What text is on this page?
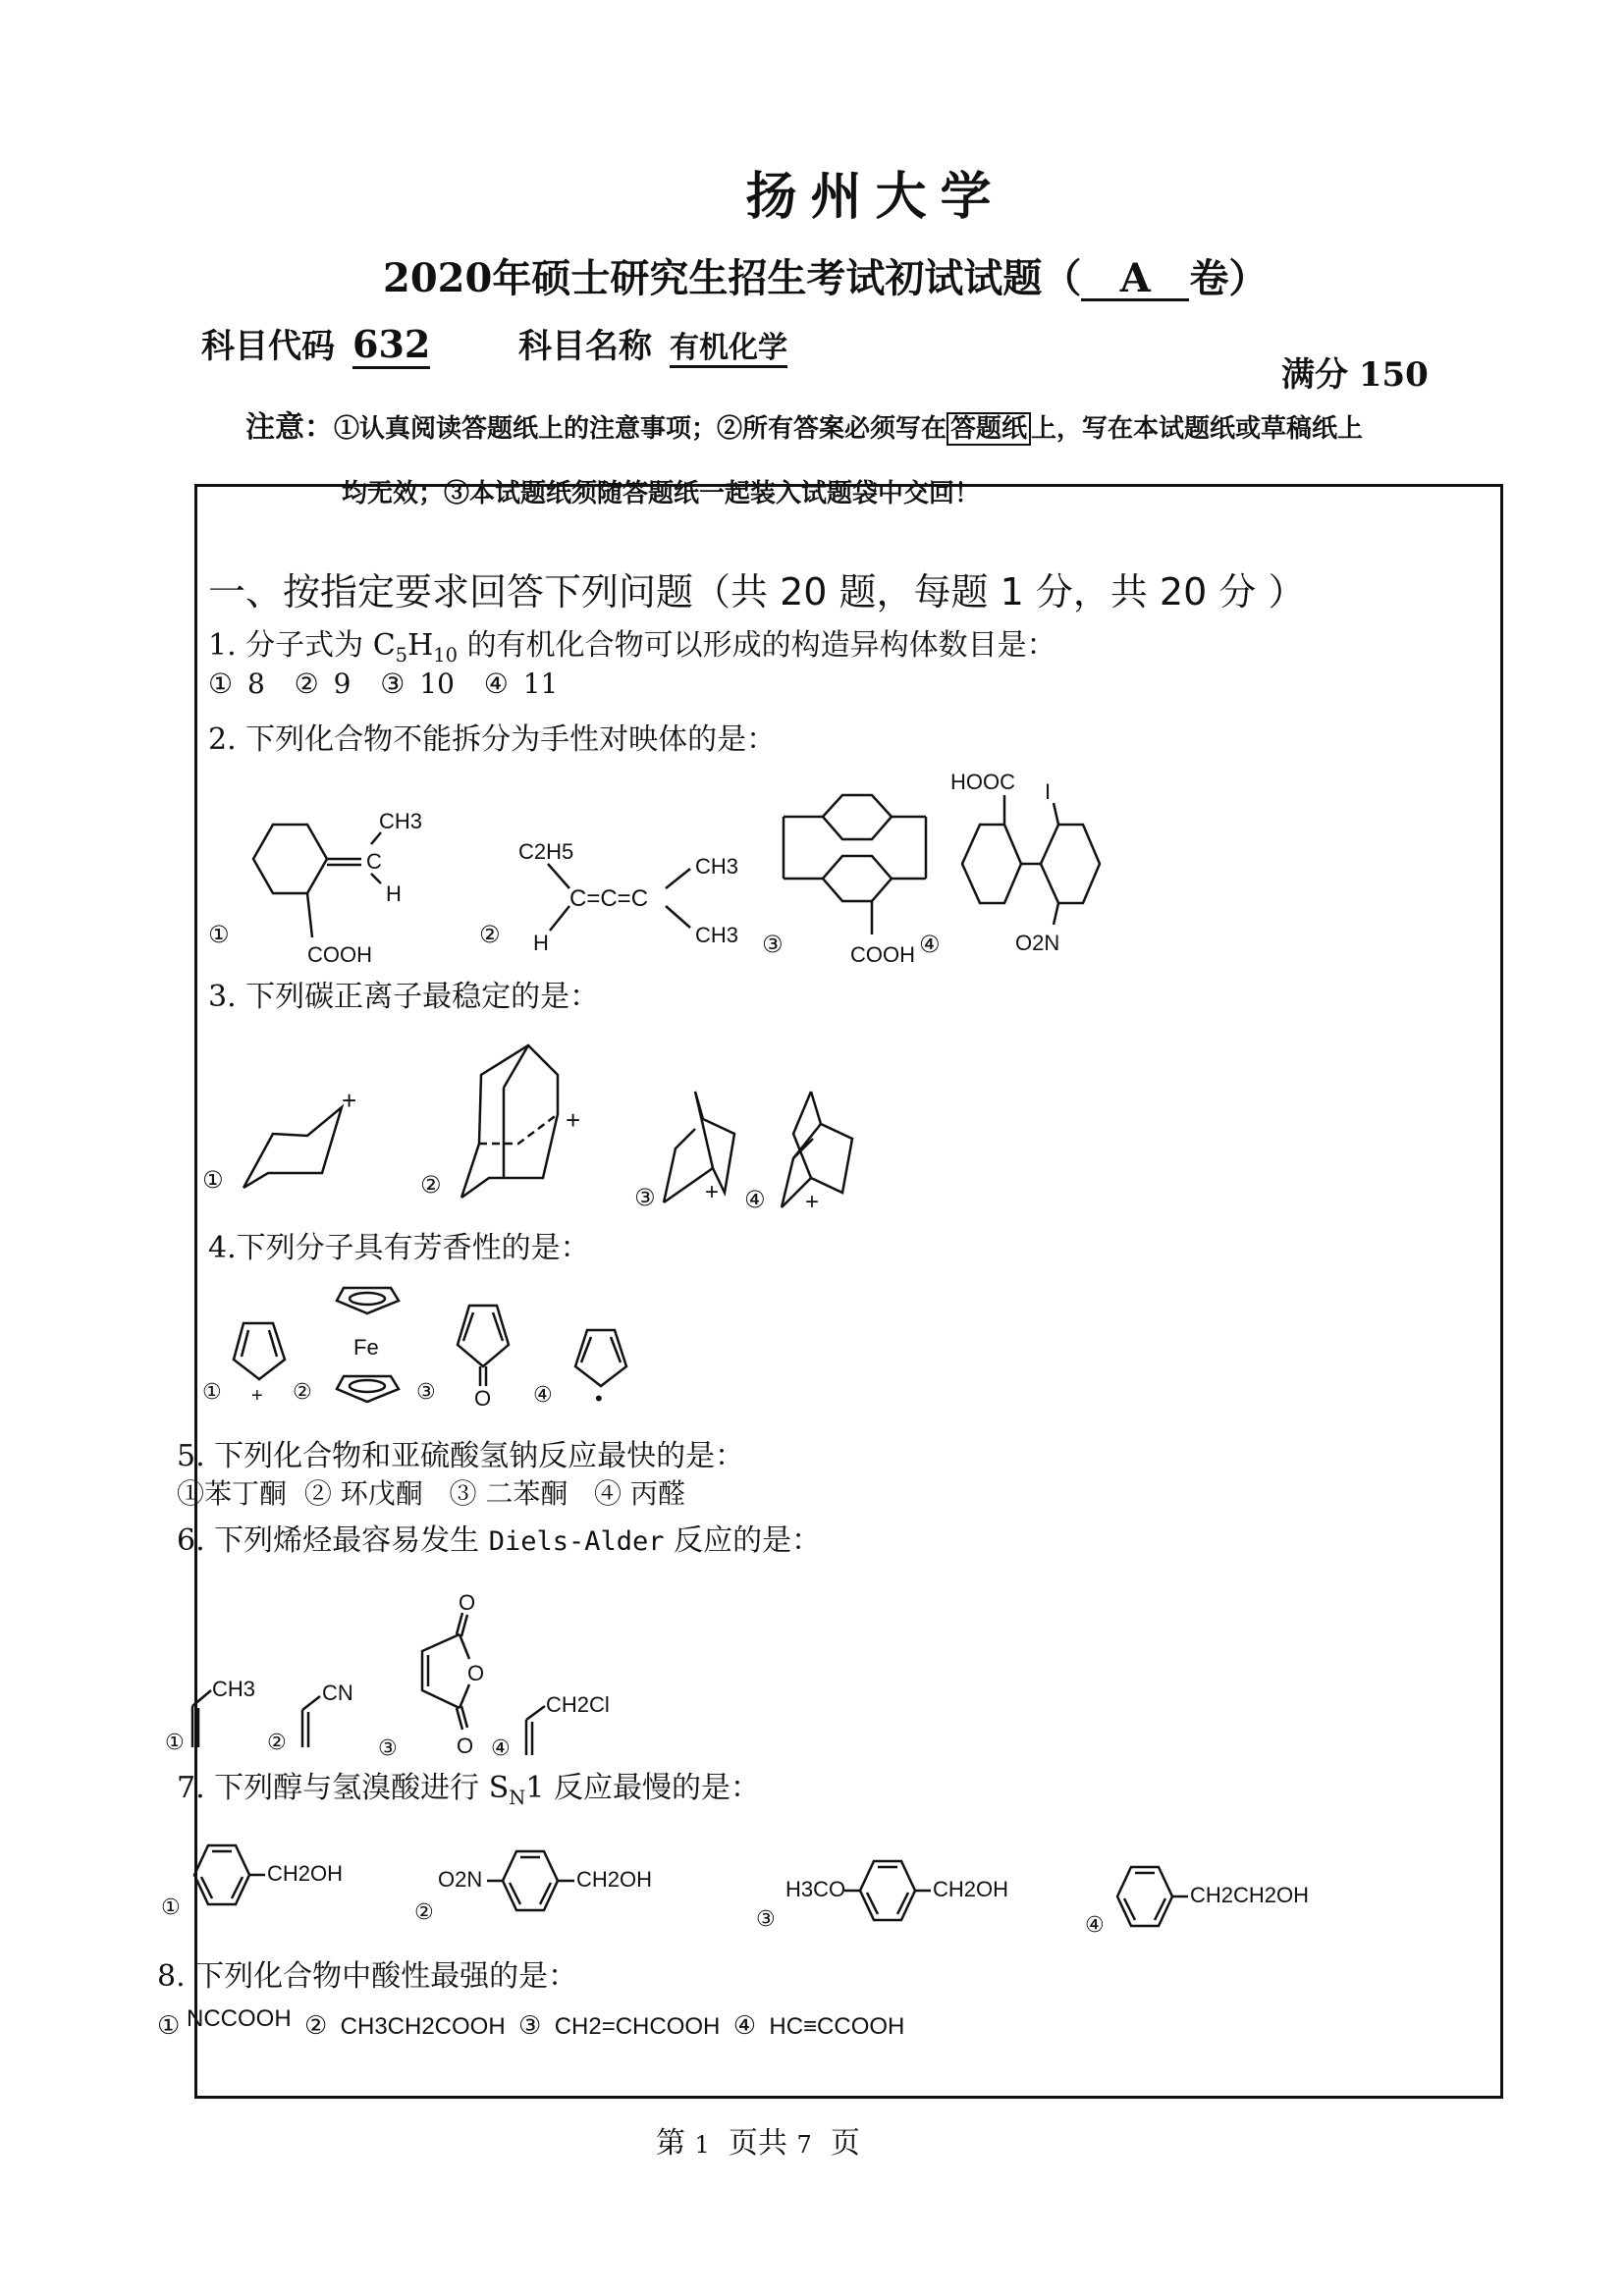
扬州大学
2020年硕士研究生招生考试初试试题（ A 卷）
科目代码 632	科目名称 有机化学
满分 150
注意：①认真阅读答题纸上的注意事项；②所有答案必须写在 答题纸 上，写在本试题纸或草稿纸上
均无效；③本试题纸须随答题纸一起装入试题袋中交回！
一、按指定要求回答下列问题（共 20 题，每题 1 分，共 20 分 ）
1. 分子式为 $C_5H_{10}$ 的有机化合物可以形成的构造异构体数目是：
① 8 ② 9 ③ 10 ④ 11
2. 下列化合物不能拆分为手性对映体的是：
①
C
CH3
H
COOH
②
C2H5
C=C=C
H
CH3
CH3 ③	COOH ④
HOOC I
O2N
3. 下列碳正离子最稳定的是：
①
+
②
+
③ + ④ +
4.下列分子具有芳香性的是：
① + ②
Fe
③ O ④ •
5. 下列化合物和亚硫酸氢钠反应最快的是：
①苯丁酮 ② 环戊酮 ③ 二苯酮 ④ 丙醛
6. 下列烯烃最容易发生 Diels-Alder 反应的是：
①
CH3
②
CN
③
O
O
O ④
CH2Cl
7. 下列醇与氢溴酸进行 $S_N1$ 反应最慢的是：
①
CH2OH
②
O2N	CH2OH
③
H3CO	CH2OH
④
CH2CH2OH
8. 下列化合物中酸性最强的是：
① NCCOOH ② CH3CH2COOH ③ CH2=CHCOOH ④ HC≡CCOOH
第 1 页共 7 页
